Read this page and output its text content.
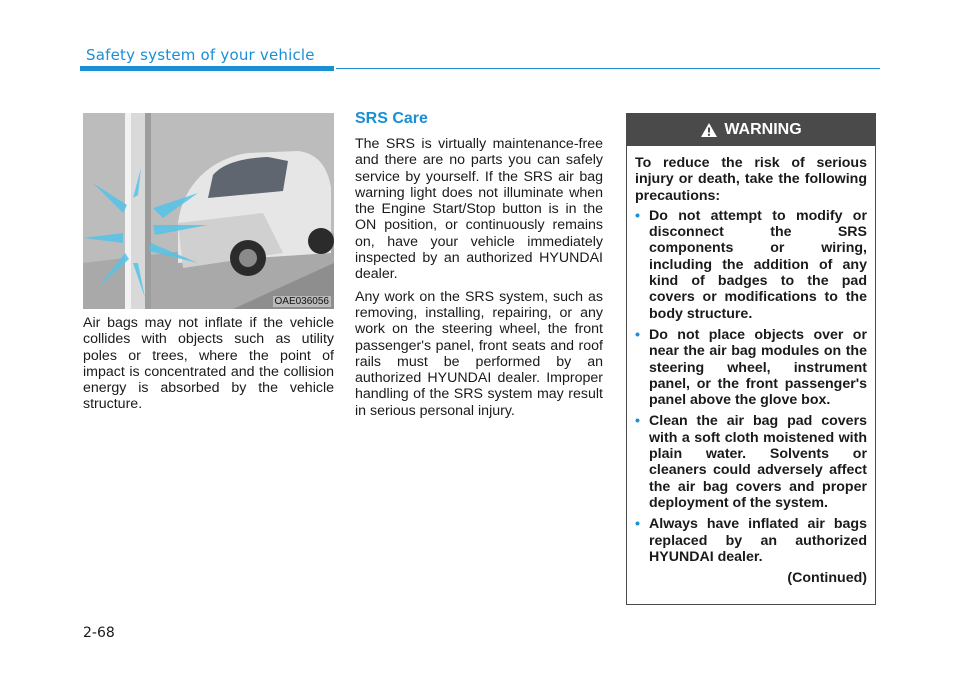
Safety system of your vehicle
OAE036056

Air bags may not inflate if the vehicle collides with objects such as utility poles or trees, where the point of impact is concentrated and the collision energy is absorbed by the vehicle structure.

SRS Care

The SRS is virtually maintenance-free and there are no parts you can safely service by yourself. If the SRS air bag warning light does not illuminate when the Engine Start/Stop button is in the ON position, or continuously remains on, have your vehicle immediately inspected by an authorized HYUNDAI dealer.

Any work on the SRS system, such as removing, installing, repairing, or any work on the steering wheel, the front passenger's panel, front seats and roof rails must be performed by an authorized HYUNDAI dealer. Improper handling of the SRS system may result in serious personal injury.

WARNING

To reduce the risk of serious injury or death, take the following precautions:

• Do not attempt to modify or disconnect the SRS components or wiring, including the addition of any kind of badges to the pad covers or modifications to the body structure.
• Do not place objects over or near the air bag modules on the steering wheel, instrument panel, or the front passenger's panel above the glove box.
• Clean the air bag pad covers with a soft cloth moistened with plain water. Solvents or cleaners could adversely affect the air bag covers and proper deployment of the system.
• Always have inflated air bags replaced by an authorized HYUNDAI dealer.
(Continued)
2-68
